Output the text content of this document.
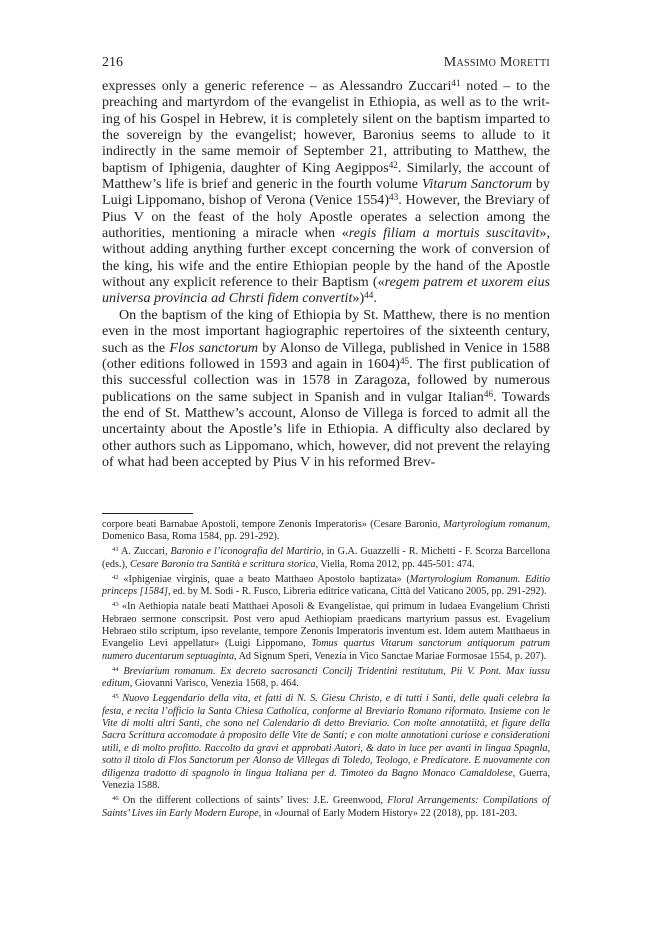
216	Massimo Moretti

expresses only a generic reference – as Alessandro Zuccari$^{41}$ noted – to the preaching and martyrdom of the evangelist in Ethiopia, as well as to the writing of his Gospel in Hebrew, it is completely silent on the baptism imparted to the sovereign by the evangelist; however, Baronius seems to allude to it indirectly in the same memoir of September 21, attributing to Matthew, the baptism of Iphigenia, daughter of King Aegippos$^{42}$. Similarly, the account of Matthew’s life is brief and generic in the fourth volume Vitarum Sanctorum by Luigi Lippomano, bishop of Verona (Venice 1554)$^{43}$. However, the Breviary of Pius V on the feast of the holy Apostle operates a selection among the authorities, mentioning a miracle when «regis filiam a mortuis suscitavit», without adding anything further except concerning the work of conversion of the king, his wife and the entire Ethiopian people by the hand of the Apostle without any explicit reference to their Baptism («regem patrem et uxorem eius universa provincia ad Chrsti fidem convertit»)$^{44}$.

On the baptism of the king of Ethiopia by St. Matthew, there is no mention even in the most important hagiographic repertoires of the sixteenth century, such as the Flos sanctorum by Alonso de Villega, published in Venice in 1588 (other editions followed in 1593 and again in 1604)$^{45}$. The first publication of this successful collection was in 1578 in Zaragoza, followed by numerous publications on the same subject in Spanish and in vulgar Italian$^{46}$. Towards the end of St. Matthew’s account, Alonso de Villega is forced to admit all the uncertainty about the Apostle’s life in Ethiopia. A difficulty also declared by other authors such as Lippomano, which, however, did not prevent the relaying of what had been accepted by Pius V in his reformed Brev-

corpore beati Barnabae Apostoli, tempore Zenonis Imperatoris» (Cesare Baronio, Martyrologium romanum, Domenico Basa, Roma 1584, pp. 291-292).

$^{41}$ A. Zuccari, Baronio e l’iconografia del Martirio, in G.A. Guazzelli - R. Michetti - F. Scorza Barcellona (eds.), Cesare Baronio tra Santità e scrittura storica, Viella, Roma 2012, pp. 445-501: 474.

$^{42}$ «Iphigeniae virginis, quae a beato Matthaeo Apostolo baptizata» (Martyrologium Romanum. Editio princeps [1584], ed. by M. Sodi - R. Fusco, Libreria editrice vaticana, Città del Vaticano 2005, pp. 291-292).

$^{43}$ «In Aethiopia natale beati Matthaei Aposoli & Evangelistae, qui primum in Iudaea Evangelium Christi Hebraeo sermone conscripsit. Post vero apud Aethiopiam praedicans martyrium passus est. Evagelium Hebraeo stilo scriptum, ipso revelante, tempore Zenonis Imperatoris inventum est. Idem autem Matthaeus in Evangelio Levi appellatur» (Luigi Lippomano, Tomus quartus Vitarum sanctorum antiquorum patrum numero ducentarum septuaginta, Ad Signum Speri, Venezia in Vico Sanctae Mariae Formosae 1554, p. 207).

$^{44}$ Breviarium romanum. Ex decreto sacrosancti Concilj Tridentini restitutum, Pii V. Pont. Max iussu editum, Giovanni Varisco, Venezia 1568, p. 464.

$^{45}$ Nuovo Leggendario della vita, et fatti di N. S. Giesu Christo, e di tutti i Santi, delle quali celebra la festa, e recita l’officio la Santa Chiesa Catholica, conforme al Breviario Romano riformato. Insieme con le Vite di molti altri Santi, che sono nel Calendario di detto Breviario. Con molte annotatiità, et figure della Sacra Scrittura accomodate à proposito delle Vite de Santi; e con molte annotationi curiose e considerationi utili, e di molto profitto. Raccolto da gravi et approbati Autori, & dato in luce per avanti in lingua Spagnla, sotto il titolo di Flos Sanctorum per Alonso de Villegas di Toledo, Teologo, e Predicatore. E nuovamente con diligenza tradotto di spagnolo in lingua Italiana per d. Timoteo da Bagno Monaco Camaldolese, Guerra, Venezia 1588.

$^{46}$ On the different collections of saints’ lives: J.E. Greenwood, Floral Arrangements: Compilations of Saints’ Lives iin Early Modern Europe, in «Journal of Early Modern History» 22 (2018), pp. 181-203.
